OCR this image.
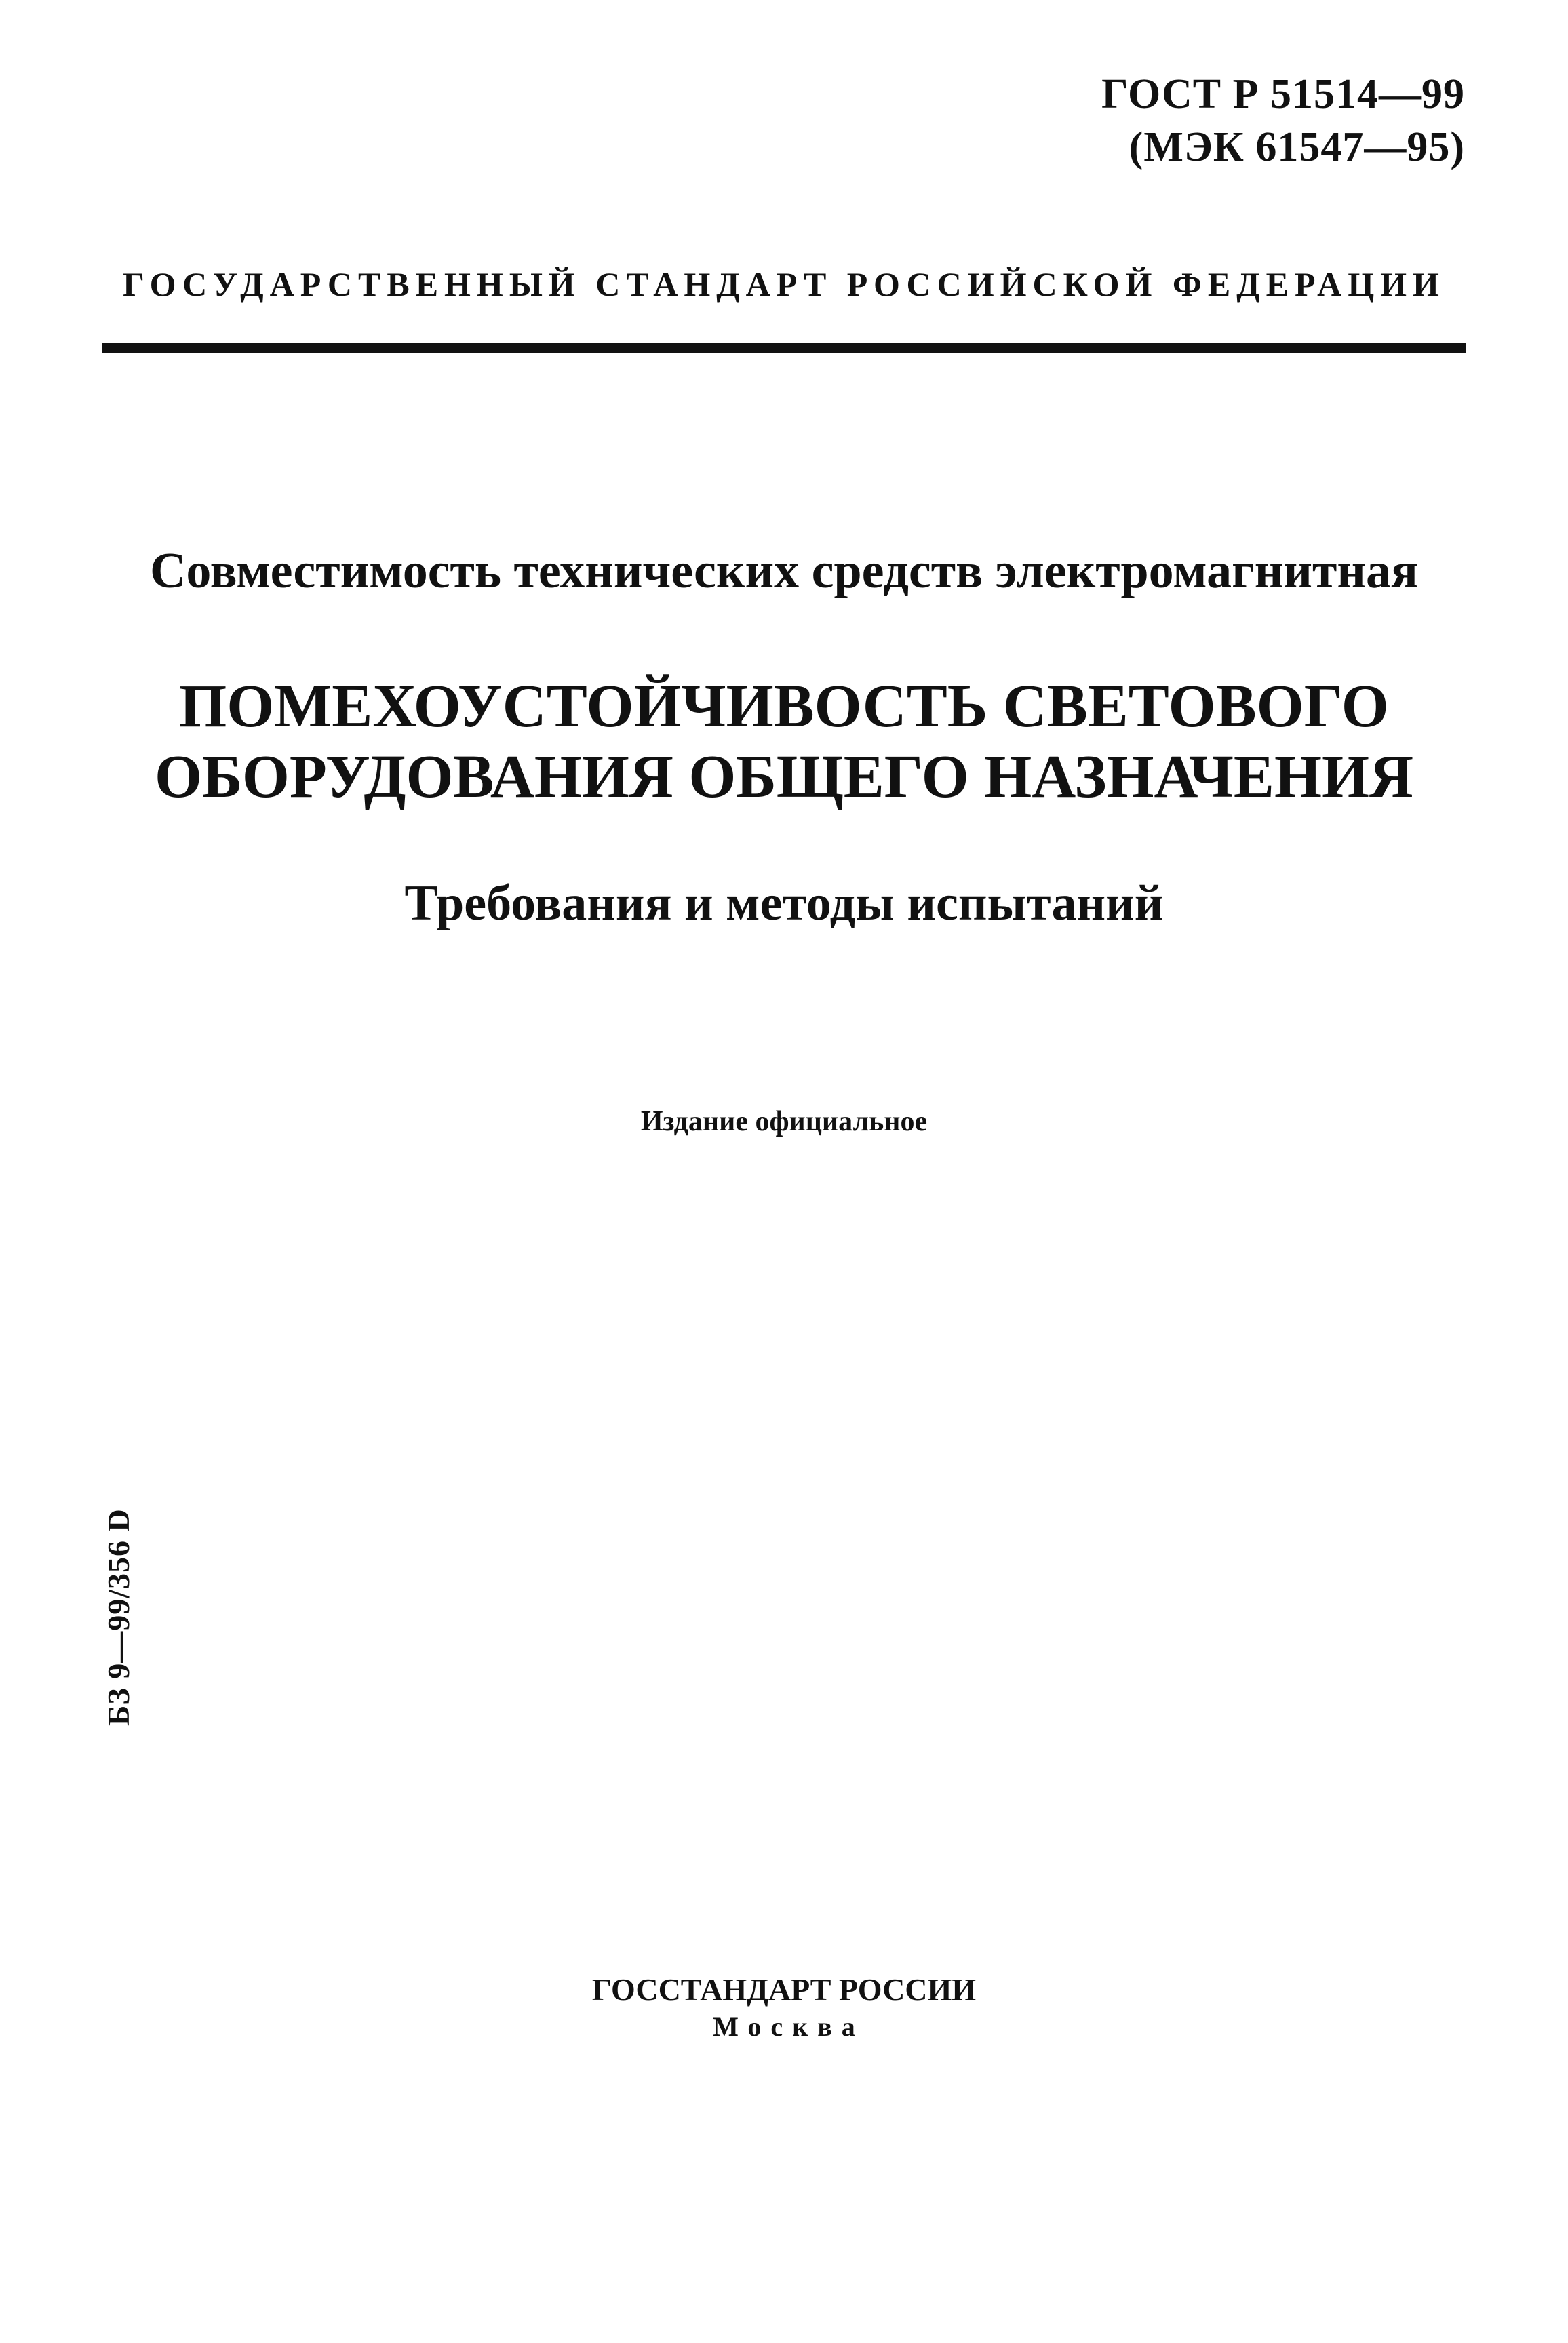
ГОСТ Р 51514—99
(МЭК 61547—95)
ГОСУДАРСТВЕННЫЙ СТАНДАРТ РОССИЙСКОЙ ФЕДЕРАЦИИ
Совместимость технических средств электромагнитная
ПОМЕХОУСТОЙЧИВОСТЬ СВЕТОВОГО
ОБОРУДОВАНИЯ ОБЩЕГО НАЗНАЧЕНИЯ
Требования и методы испытаний
Издание официальное
БЗ 9—99/356 D
ГОССТАНДАРТ РОССИИ
Москва
